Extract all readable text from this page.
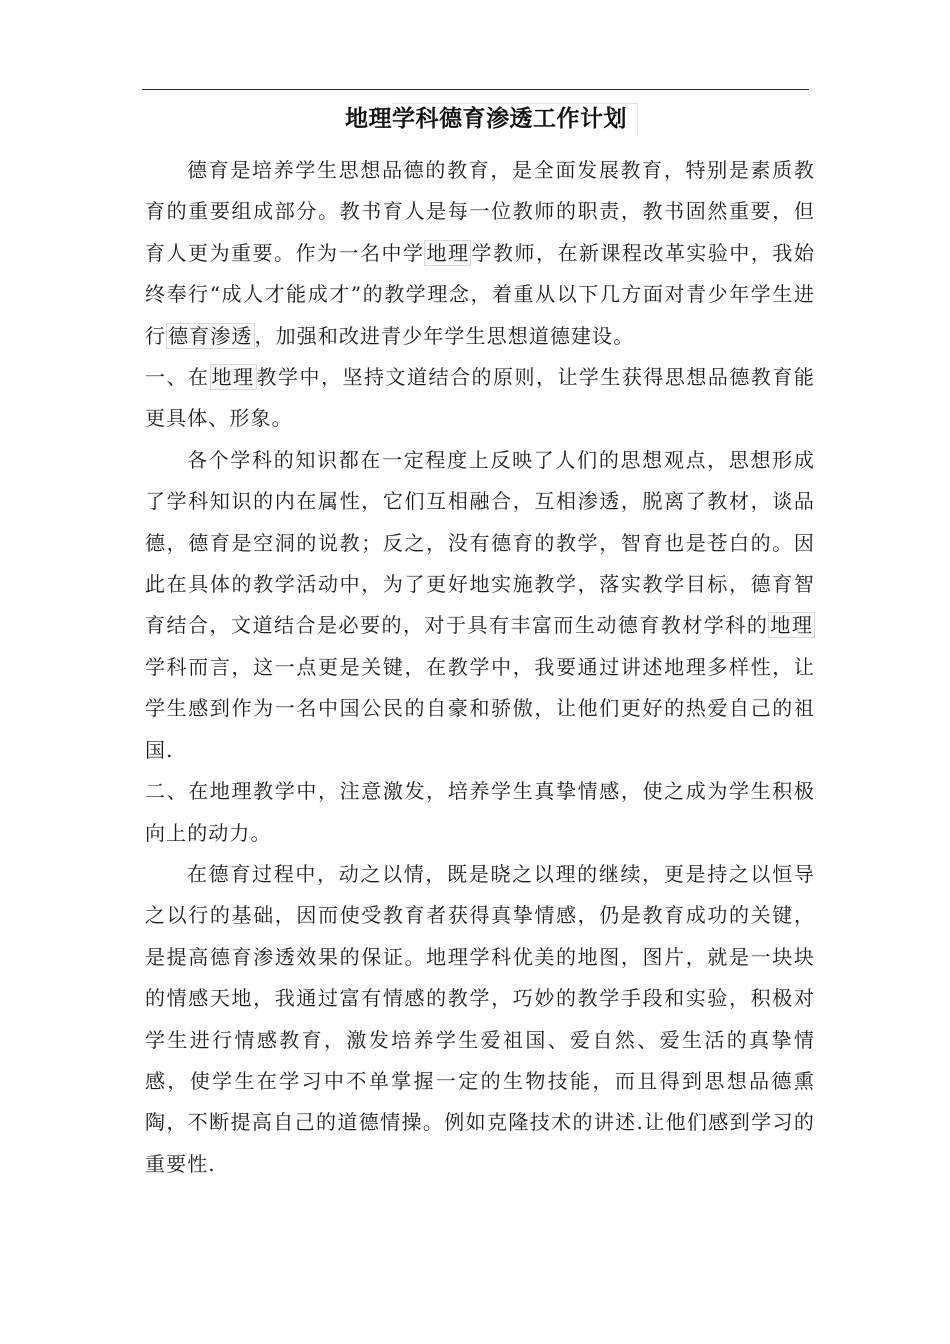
地理学科德育渗透工作计划

德育是培养学生思想品德的教育，是全面发展教育，特别是素质教育的重要组成部分。教书育人是每一位教师的职责，教书固然重要，但育人更为重要。作为一名中学 地理 学教师，在新课程改革实验中，我始终奉行“成人才能成才”的教学理念，着重从以下几方面对青少年学生进行 德育渗透 ，加强和改进青少年学生思想道德建设。

一、在 地理 教学中，坚持文道结合的原则，让学生获得思想品德教育能更具体、形象。

各个学科的知识都在一定程度上反映了人们的思想观点，思想形成了学科知识的内在属性，它们互相融合，互相渗透，脱离了教材，谈品德，德育是空洞的说教；反之，没有德育的教学，智育也是苍白的。因此在具体的教学活动中，为了更好地实施教学，落实教学目标，德育智育结合，文道结合是必要的，对于具有丰富而生动德育教材学科的 地理学科而言，这一点更是关键，在教学中，我要通过讲述地理多样性，让学生感到作为一名中国公民的自豪和骄傲，让他们更好的热爱自己的祖国.

二、在地理教学中，注意激发，培养学生真挚情感，使之成为学生积极向上的动力。

在德育过程中，动之以情，既是晓之以理的继续，更是持之以恒导之以行的基础，因而使受教育者获得真挚情感，仍是教育成功的关键，是提高德育渗透效果的保证。地理学科优美的地图，图片，就是一块块的情感天地，我通过富有情感的教学，巧妙的教学手段和实验，积极对学生进行情感教育，激发培养学生爱祖国、爱自然、爱生活的真挚情感，使学生在学习中不单掌握一定的生物技能，而且得到思想品德熏陶，不断提高自己的道德情操。例如克隆技术的讲述.让他们感到学习的重要性.
